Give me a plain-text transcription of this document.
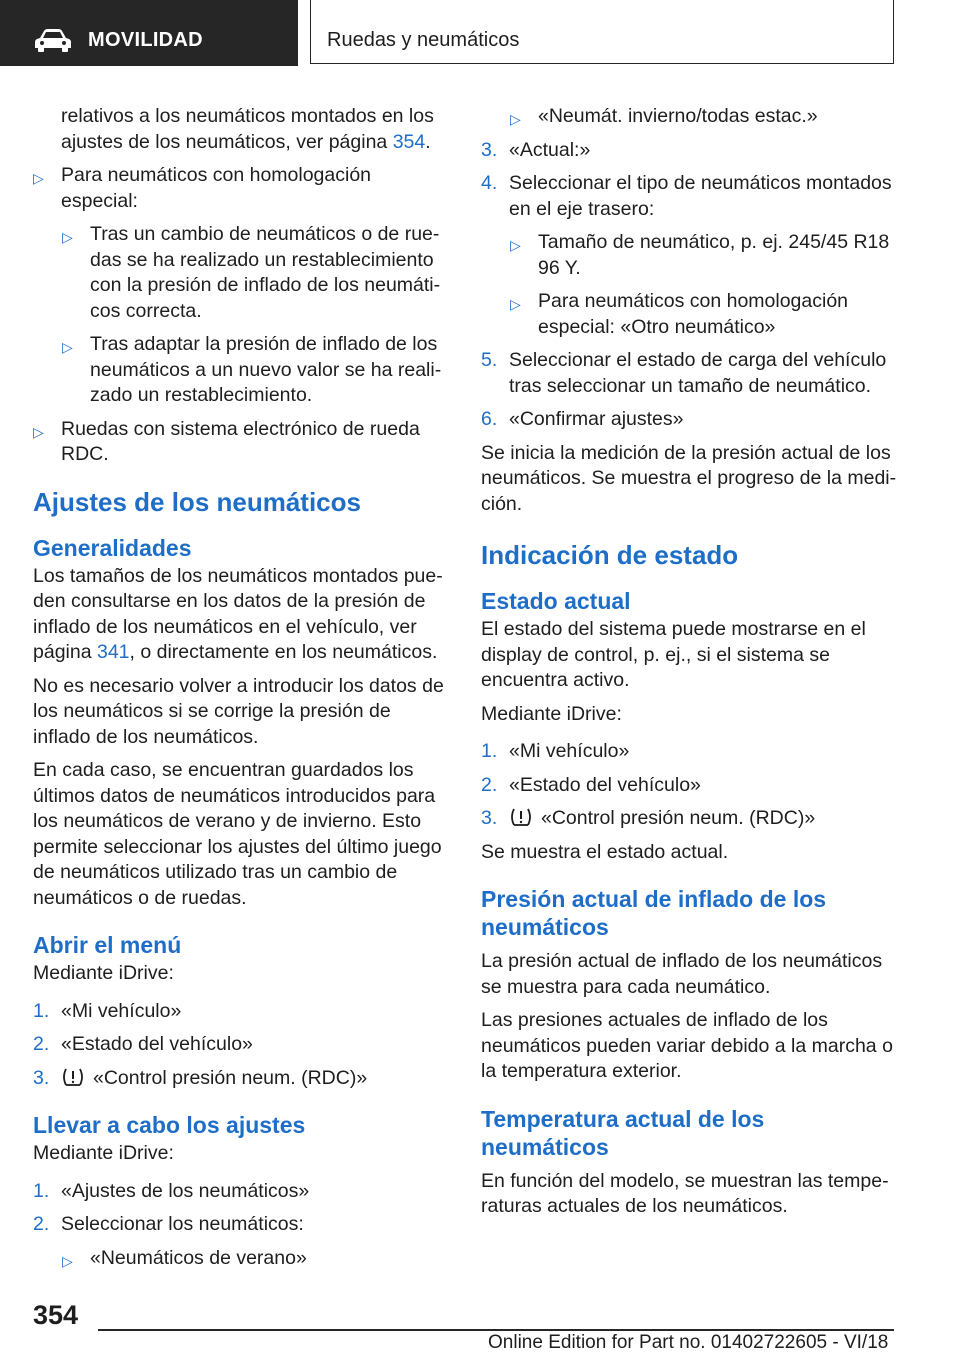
MOVILIDAD	Ruedas y neumáticos
relativos a los neumáticos montados en los ajustes de los neumáticos, ver página 354.
▷ Para neumáticos con homologación especial:
▷ Tras un cambio de neumáticos o de ruedas se ha realizado un restablecimiento con la presión de inflado de los neumáticos correcta.
▷ Tras adaptar la presión de inflado de los neumáticos a un nuevo valor se ha realizado un restablecimiento.
▷ Ruedas con sistema electrónico de rueda RDC.
Ajustes de los neumáticos
Generalidades

Los tamaños de los neumáticos montados pueden consultarse en los datos de la presión de inflado de los neumáticos en el vehículo, ver página 341, o directamente en los neumáticos.

No es necesario volver a introducir los datos de los neumáticos si se corrige la presión de inflado de los neumáticos.

En cada caso, se encuentran guardados los últimos datos de neumáticos introducidos para los neumáticos de verano y de invierno. Esto permite seleccionar los ajustes del último juego de neumáticos utilizado tras un cambio de neumáticos o de ruedas.

Abrir el menú

Mediante iDrive:

1. «Mi vehículo»
2. «Estado del vehículo»
3.	«Control presión neum. (RDC)»
Llevar a cabo los ajustes

Mediante iDrive:

1. «Ajustes de los neumáticos»
2. Seleccionar los neumáticos:
▷ «Neumáticos de verano»
▷ «Neumát. invierno/todas estac.»
3. «Actual:»
4. Seleccionar el tipo de neumáticos montados en el eje trasero:
▷ Tamaño de neumático, p. ej. 245/45 R18 96 Y.
▷ Para neumáticos con homologación especial: «Otro neumático»
5. Seleccionar el estado de carga del vehículo tras seleccionar un tamaño de neumático.
6. «Confirmar ajustes»

Se inicia la medición de la presión actual de los neumáticos. Se muestra el progreso de la medición.

Indicación de estado
Estado actual

El estado del sistema puede mostrarse en el display de control, p. ej., si el sistema se encuentra activo.

Mediante iDrive:

1. «Mi vehículo»
2. «Estado del vehículo»
3.	«Control presión neum. (RDC)»

Se muestra el estado actual.

Presión actual de inflado de los neumáticos

La presión actual de inflado de los neumáticos se muestra para cada neumático.

Las presiones actuales de inflado de los neumáticos pueden variar debido a la marcha o la temperatura exterior.

Temperatura actual de los neumáticos

En función del modelo, se muestran las temperaturas actuales de los neumáticos.

354
Online Edition for Part no. 01402722605 - VI/18
